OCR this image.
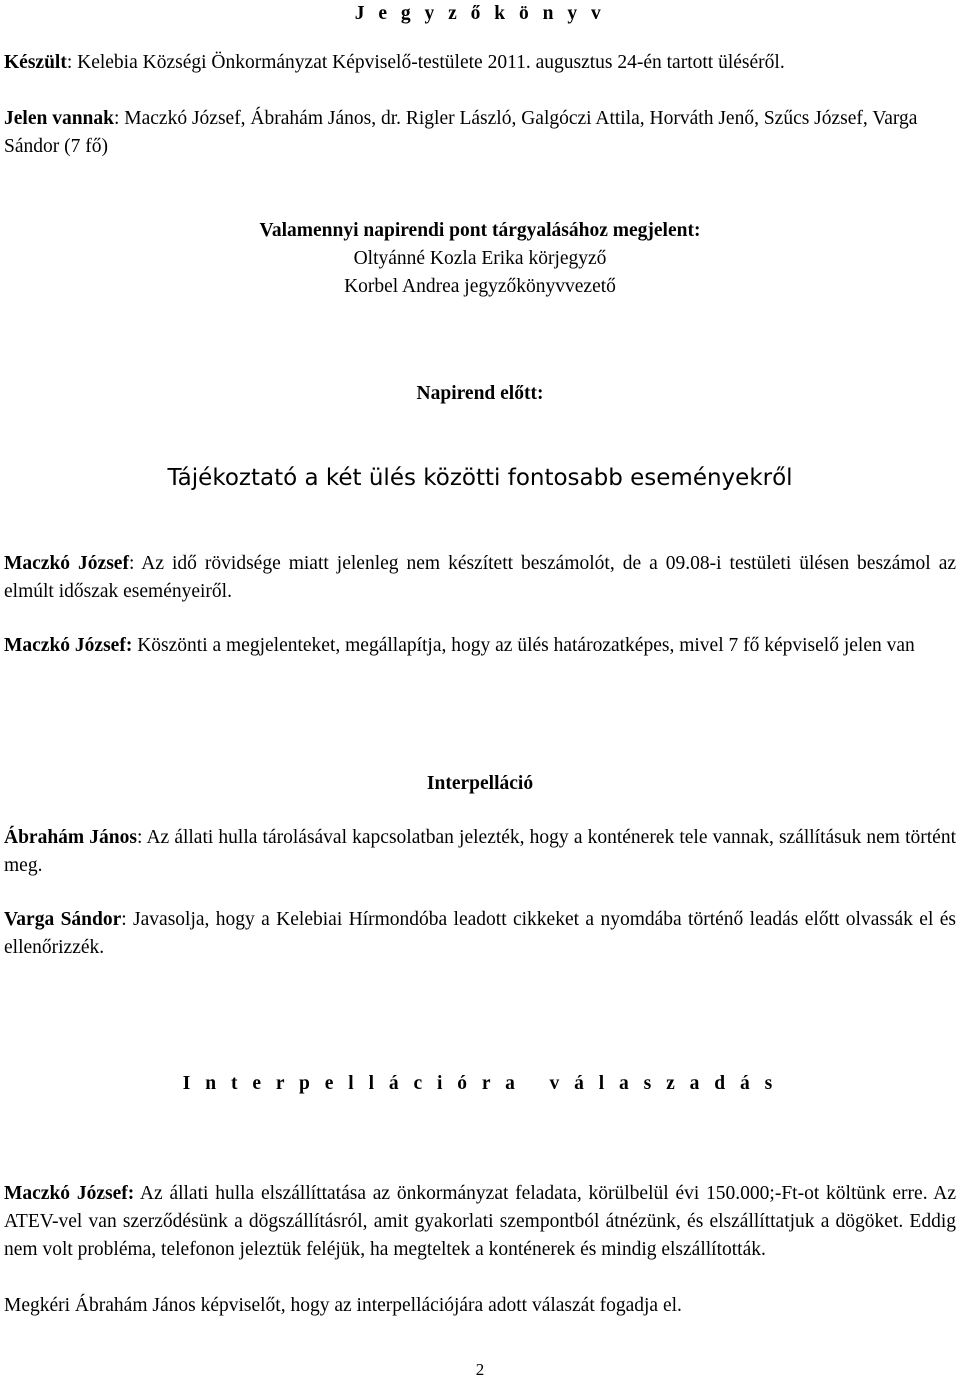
J e g y z ő k ö n y v
Készült: Kelebia Községi Önkormányzat Képviselő-testülete 2011. augusztus 24-én tartott üléséről.
Jelen vannak: Maczkó József, Ábrahám János, dr. Rigler László, Galgóczi Attila, Horváth Jenő, Szűcs József, Varga Sándor (7 fő)
Valamennyi napirendi pont tárgyalásához megjelent:
Oltyánné Kozla Erika körjegyző
Korbel Andrea jegyzőkönyvvezető
Napirend előtt:
Tájékoztató a két ülés közötti fontosabb eseményekről
Maczkó József: Az idő rövidsége miatt jelenleg nem készített beszámolót, de a 09.08-i testületi ülésen beszámol az elmúlt időszak eseményeiről.
Maczkó József: Köszönti a megjelenteket, megállapítja, hogy az ülés határozatképes, mivel 7 fő képviselő jelen van
Interpelláció
Ábrahám János: Az állati hulla tárolásával kapcsolatban jelezték, hogy a konténerek tele vannak, szállításuk nem történt meg.
Varga Sándor: Javasolja, hogy a Kelebiai Hírmondóba leadott cikkeket a nyomdába történő leadás előtt olvassák el és ellenőrizzék.
I n t e r p e l l á c i ó r a   v á l a s z a d á s
Maczkó József: Az állati hulla elszállíttatása az önkormányzat feladata, körülbelül évi 150.000;-Ft-ot költünk erre. Az ATEV-vel van szerződésünk a dögszállításról, amit gyakorlati szempontból átnézünk, és elszállíttatjuk a dögöket. Eddig nem volt probléma, telefonon jeleztük feléjük, ha megteltek a konténerek és mindig elszállították.
Megkéri Ábrahám János képviselőt, hogy az interpellációjára adott válaszát fogadja el.
2
